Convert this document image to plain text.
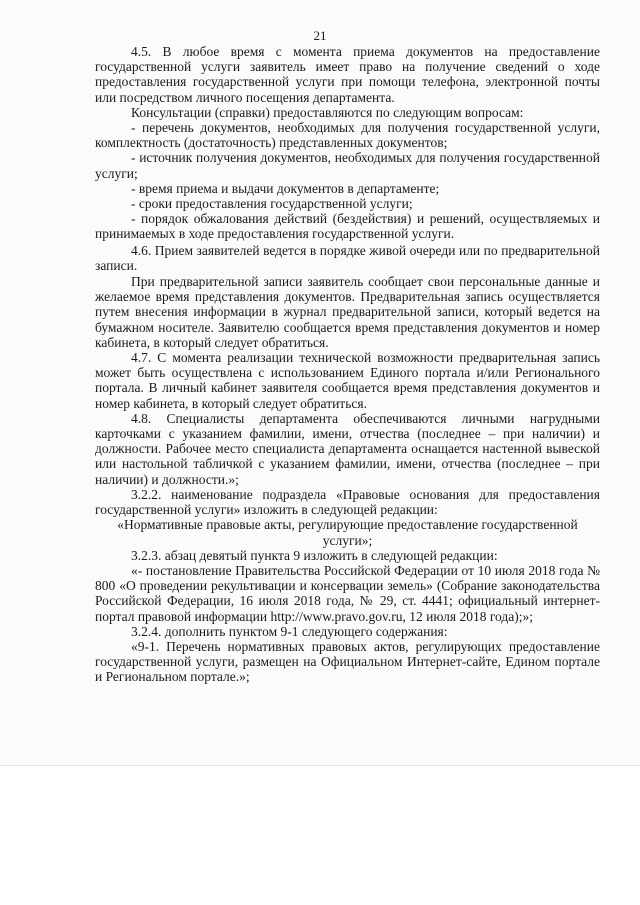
21

4.5. В любое время с момента приема документов на предоставление государственной услуги заявитель имеет право на получение сведений о ходе предоставления государственной услуги при помощи телефона, электронной почты или посредством личного посещения департамента.

Консультации (справки) предоставляются по следующим вопросам:

- перечень документов, необходимых для получения государственной услуги, комплектность (достаточность) представленных документов;

- источник получения документов, необходимых для получения государственной услуги;

- время приема и выдачи документов в департаменте;

- сроки предоставления государственной услуги;

- порядок обжалования действий (бездействия) и решений, осуществляемых и принимаемых в ходе предоставления государственной услуги.

4.6. Прием заявителей ведется в порядке живой очереди или по предварительной записи.

При предварительной записи заявитель сообщает свои персональные данные и желаемое время представления документов. Предварительная запись осуществляется путем внесения информации в журнал предварительной записи, который ведется на бумажном носителе. Заявителю сообщается время представления документов и номер кабинета, в который следует обратиться.

4.7. С момента реализации технической возможности предварительная запись может быть осуществлена с использованием Единого портала и/или Регионального портала. В личный кабинет заявителя сообщается время представления документов и номер кабинета, в который следует обратиться.

4.8. Специалисты департамента обеспечиваются личными нагрудными карточками с указанием фамилии, имени, отчества (последнее – при наличии) и должности. Рабочее место специалиста департамента оснащается настенной вывеской или настольной табличкой с указанием фамилии, имени, отчества (последнее – при наличии) и должности.»;

3.2.2. наименование подраздела «Правовые основания для предоставления государственной услуги» изложить в следующей редакции:

«Нормативные правовые акты, регулирующие предоставление государственной услуги»;

3.2.3. абзац девятый пункта 9 изложить в следующей редакции:

«- постановление Правительства Российской Федерации от 10 июля 2018 года № 800 «О проведении рекультивации и консервации земель» (Собрание законодательства Российской Федерации, 16 июля 2018 года, № 29, ст. 4441; официальный интернет-портал правовой информации http://www.pravo.gov.ru, 12 июля 2018 года);»;

3.2.4. дополнить пунктом 9-1 следующего содержания:

«9-1. Перечень нормативных правовых актов, регулирующих предоставление государственной услуги, размещен на Официальном Интернет-сайте, Едином портале и Региональном портале.»;
